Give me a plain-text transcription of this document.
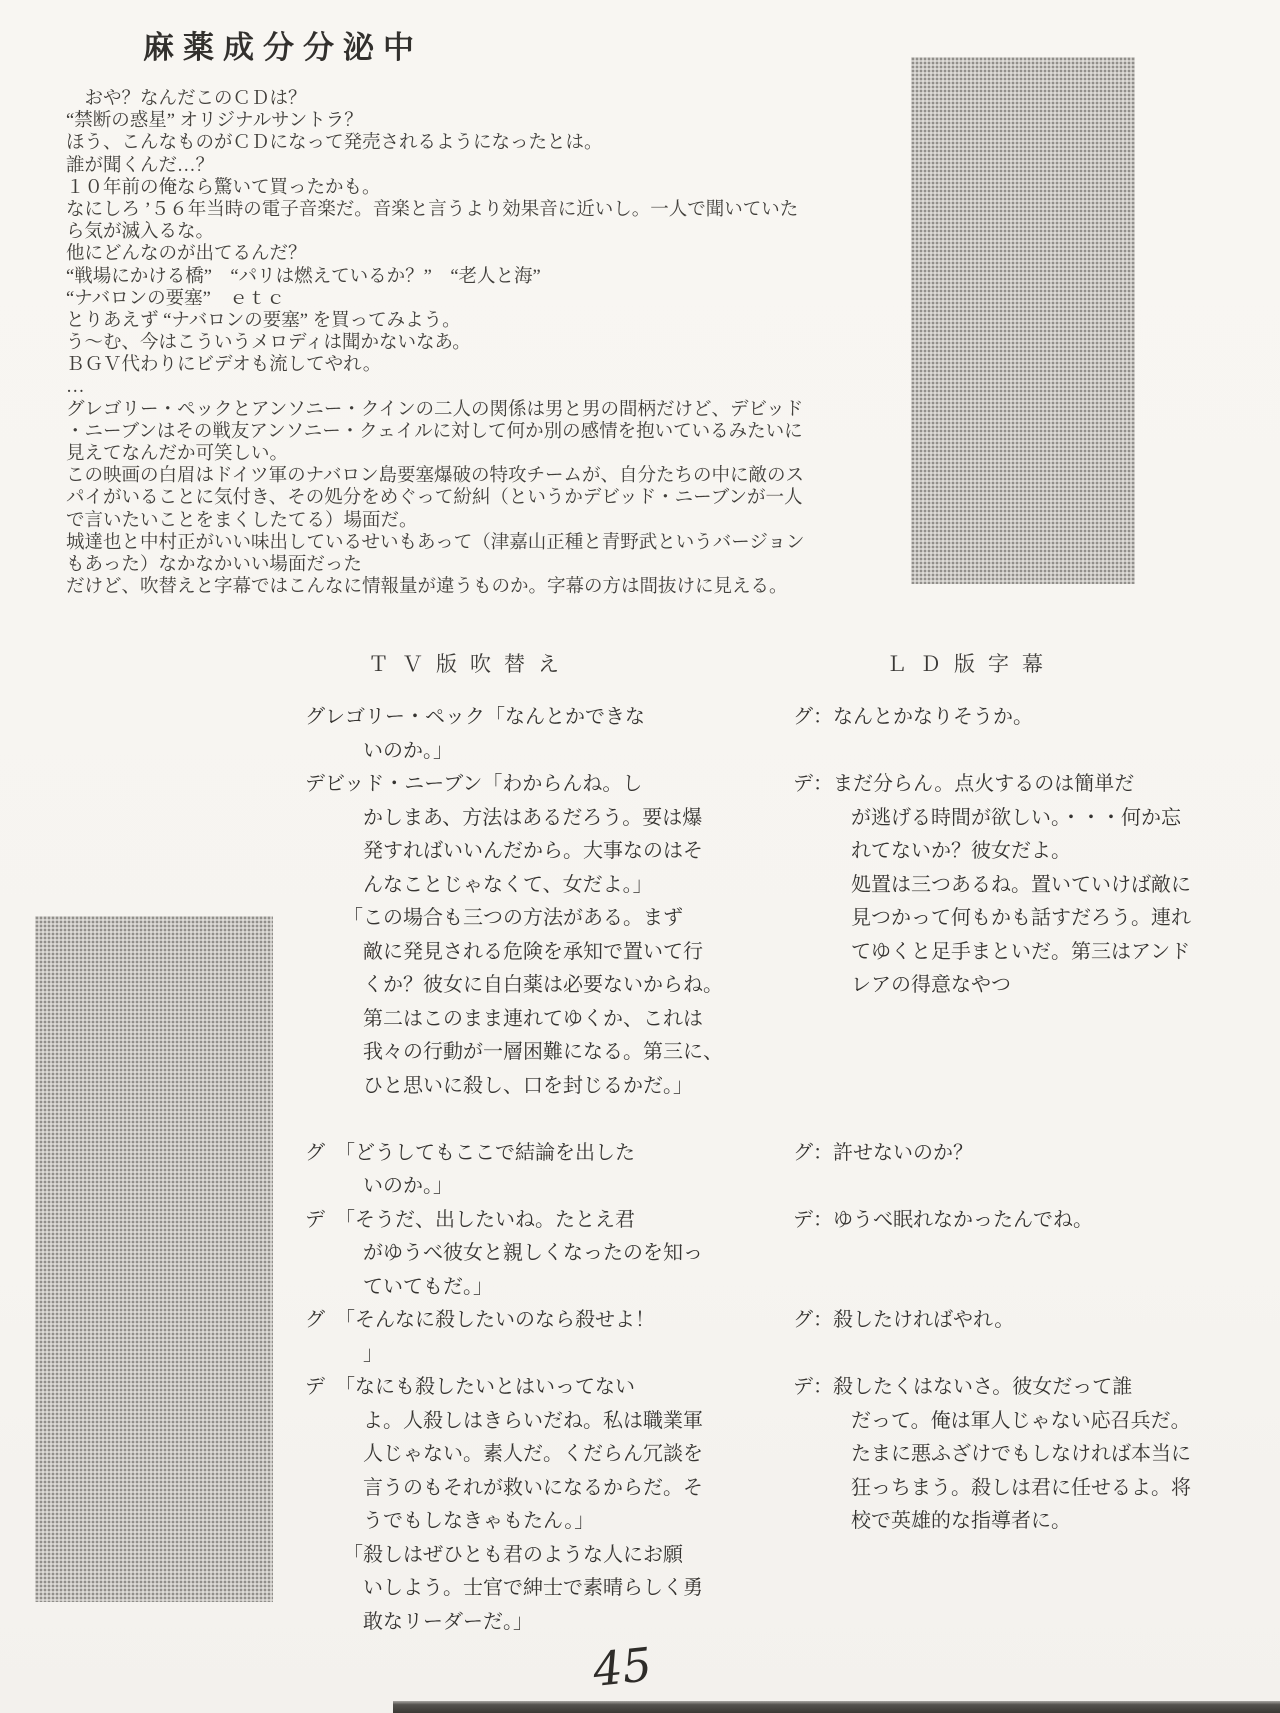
麻薬成分分泌中
　おや？なんだこのＣＤは？
“禁断の惑星” オリジナルサントラ？
ほう、こんなものがＣＤになって発売されるようになったとは。
誰が聞くんだ…？
１０年前の俺なら驚いて買ったかも。
なにしろ ’５６年当時の電子音楽だ。音楽と言うより効果音に近いし。一人で聞いていた
ら気が滅入るな。
他にどんなのが出てるんだ？
“戦場にかける橋”　“パリは燃えているか？”　“老人と海”
“ナバロンの要塞”　ｅｔｃ
とりあえず “ナバロンの要塞” を買ってみよう。
う〜む、今はこういうメロディは聞かないなあ。
ＢＧＶ代わりにビデオも流してやれ。
…
グレゴリー・ペックとアンソニー・クインの二人の関係は男と男の間柄だけど、デビッド
・ニーブンはその戦友アンソニー・クェイルに対して何か別の感情を抱いているみたいに
見えてなんだか可笑しい。
この映画の白眉はドイツ軍のナバロン島要塞爆破の特攻チームが、自分たちの中に敵のス
パイがいることに気付き、その処分をめぐって紛糾（というかデビッド・ニーブンが一人
で言いたいことをまくしたてる）場面だ。
城達也と中村正がいい味出しているせいもあって（津嘉山正種と青野武というバージョン
もあった）なかなかいい場面だった
だけど、吹替えと字幕ではこんなに情報量が違うものか。字幕の方は間抜けに見える。
ＴＶ版吹替え	ＬＤ版字幕
グレゴリー・ペック「なんとかできな
いのか。」
デビッド・ニーブン「わからんね。し
かしまあ、方法はあるだろう。要は爆
発すればいいんだから。大事なのはそ
んなことじゃなくて、女だよ。」
「この場合も三つの方法がある。まず
敵に発見される危険を承知で置いて行
くか？彼女に自白薬は必要ないからね。
第二はこのまま連れてゆくか、これは
我々の行動が一層困難になる。第三に、
ひと思いに殺し、口を封じるかだ。」

グ　「どうしてもここで結論を出した
いのか。」
デ　「そうだ、出したいね。たとえ君
がゆうべ彼女と親しくなったのを知っ
ていてもだ。」
グ　「そんなに殺したいのなら殺せよ！
」
デ　「なにも殺したいとはいってない
よ。人殺しはきらいだね。私は職業軍
人じゃない。素人だ。くだらん冗談を
言うのもそれが救いになるからだ。そ
うでもしなきゃもたん。」
「殺しはぜひとも君のような人にお願
いしよう。士官で紳士で素晴らしく勇
敢なリーダーだ。」
グ：なんとかなりそうか。

デ：まだ分らん。点火するのは簡単だ
が逃げる時間が欲しい。・・・何か忘
れてないか？彼女だよ。
処置は三つあるね。置いていけば敵に
見つかって何もかも話すだろう。連れ
てゆくと足手まといだ。第三はアンド
レアの得意なやつ

グ：許せないのか？

デ：ゆうべ眠れなかったんでね。

グ：殺したければやれ。

デ：殺したくはないさ。彼女だって誰
だって。俺は軍人じゃない応召兵だ。
たまに悪ふざけでもしなければ本当に
狂っちまう。殺しは君に任せるよ。将
校で英雄的な指導者に。
45
